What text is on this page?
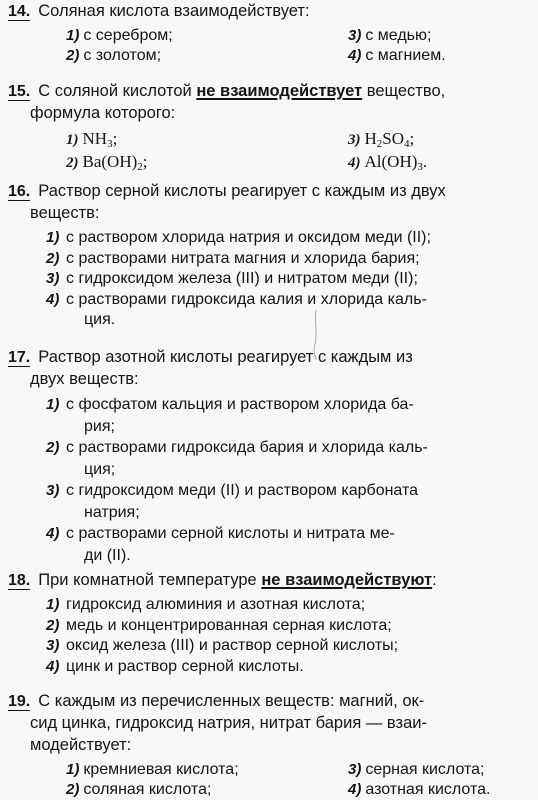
14. Соляная кислота взаимодействует:
1) с серебром;	3) с медью;
2) с золотом;	4) с магнием.
15. С соляной кислотой не взаимодействует вещество,
формула которого:
1) $NH_3$;	3) $H_2SO_4$;
2) $Ba(OH)_2$;	4) $Al(OH)_3$.
16. Раствор серной кислоты реагирует с каждым из двух
веществ:
1) с раствором хлорида натрия и оксидом меди (II);
2) с растворами нитрата магния и хлорида бария;
3) с гидроксидом железа (III) и нитратом меди (II);
4) с растворами гидроксида калия и хлорида каль-
ция.
17. Раствор азотной кислоты реагирует с каждым из
двух веществ:
1) с фосфатом кальция и раствором хлорида ба-
рия;
2) с растворами гидроксида бария и хлорида каль-
ция;
3) с гидроксидом меди (II) и раствором карбоната
натрия;
4) с растворами серной кислоты и нитрата ме-
ди (II).
18. При комнатной температуре не взаимодействуют:
1) гидроксид алюминия и азотная кислота;
2) медь и концентрированная серная кислота;
3) оксид железа (III) и раствор серной кислоты;
4) цинк и раствор серной кислоты.
19. С каждым из перечисленных веществ: магний, ок-
сид цинка, гидроксид натрия, нитрат бария — взаи-
модействует:
1) кремниевая кислота;	3) серная кислота;
2) соляная кислота;	4) азотная кислота.
